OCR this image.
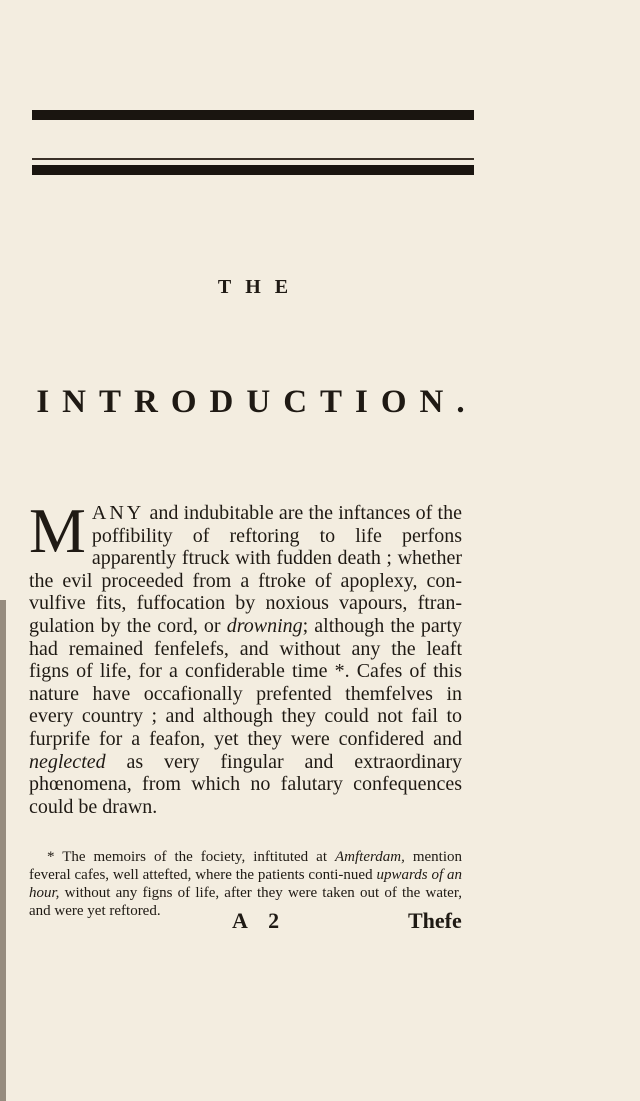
THE
INTRODUCTION.

MANY and indubitable are the inftances of the poffibility of reftoring to life perfons apparently ftruck with fudden death ; whether the evil proceeded from a ftroke of apoplexy, con-vulfive fits, fuffocation by noxious vapours, ftran-gulation by the cord, or drowning; although the party had remained fenfelefs, and without any the leaft figns of life, for a confiderable time *. Cafes of this nature have occafionally prefented themfelves in every country ; and although they could not fail to furprife for a feafon, yet they were confidered and neglected as very fingular and extraordinary phœnomena, from which no falutary confequences could be drawn.

* The memoirs of the fociety, inftituted at Amfterdam, mention feveral cafes, well attefted, where the patients conti-nued upwards of an hour, without any figns of life, after they were taken out of the water, and were yet reftored.	A 2	Thefe
